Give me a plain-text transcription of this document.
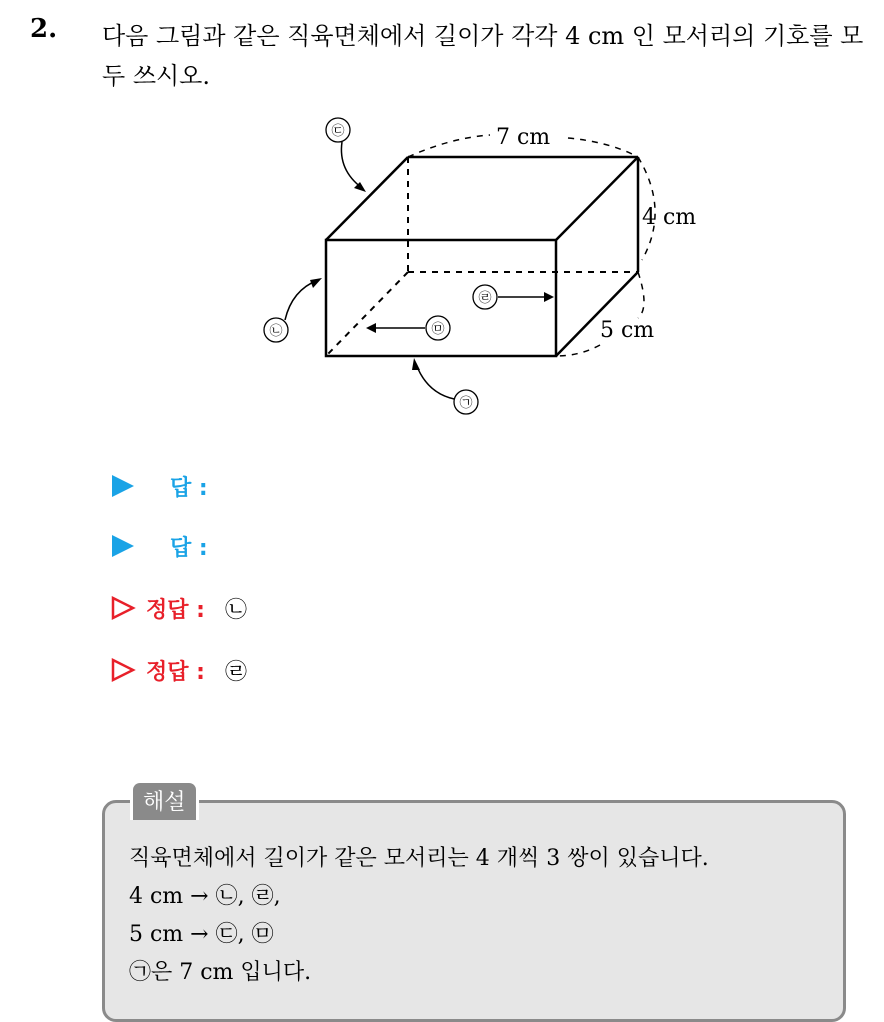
2. 다음 그림과 같은 직육면체에서 길이가 각각 4 cm 인 모서리의 기호를 모두 쓰시오.
㉢
㉡
㉠
㉣
㉤
7 cm
4 cm
5 cm
답 :
답 :
정답 : ㉡
정답 : ㉣
해설
직육면체에서 길이가 같은 모서리는 4 개씩 3 쌍이 있습니다.
4 cm → ㉡, ㉣,
5 cm → ㉢, ㉤
㉠은 7 cm 입니다.
